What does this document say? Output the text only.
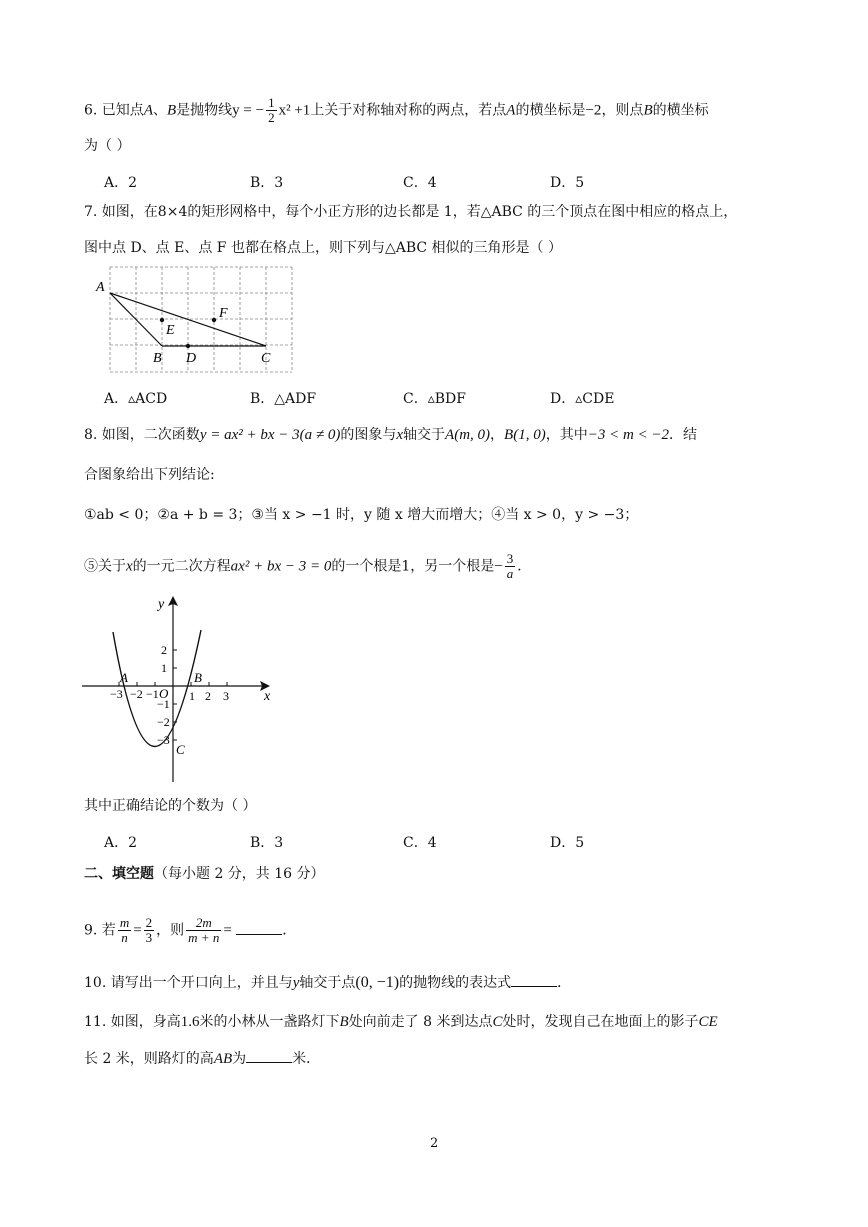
6. 已知点A、B是抛物线y = − $\frac{1}{2} x^2 +1$上关于对称轴对称的两点，若点A的横坐标是−2，则点B的横坐标
为（ ）
A．2	B．3	C．4	D．5
7. 如图，在8×4的矩形网格中，每个小正方形的边长都是 1，若△ABC 的三个顶点在图中相应的格点上，
图中点 D、点 E、点 F 也都在格点上，则下列与△ABC 相似的三角形是（ ）
A
E
F
B D	C
A．▵ACD	B．△ADF	C．▵BDF	D．▵CDE
8. 如图，二次函数y = ax² + bx − 3(a ≠ 0)的图象与x轴交于A(m, 0)，B(1, 0)，其中−3 < m < −2．结
合图象给出下列结论:
①ab < 0；②a + b = 3；③当 x > −1 时，y 随 x 增大而增大；④当 x > 0，y > −3；
⑤关于x的一元二次方程ax² + bx − 3 = 0的一个根是1，另一个根是− $\frac{3}{a}$ ．
y
x
A	B
C
O
−3 −2 −1	1 2 3
2
1
−1
−2
−3
其中正确结论的个数为（ ）
A．2	B．3	C．4	D．5
二、填空题（每小题 2 分，共 16 分）
9. 若 $\frac{m}{n} = \frac{2}{3}$ ，则 $\frac{2m}{m + n}$ =	．
10. 请写出一个开口向上，并且与y轴交于点(0, −1)的抛物线的表达式	．
11. 如图，身高1.6米的小林从一盏路灯下B处向前走了 8 米到达点C处时，发现自己在地面上的影子CE
长 2 米，则路灯的高AB为	米．
2
